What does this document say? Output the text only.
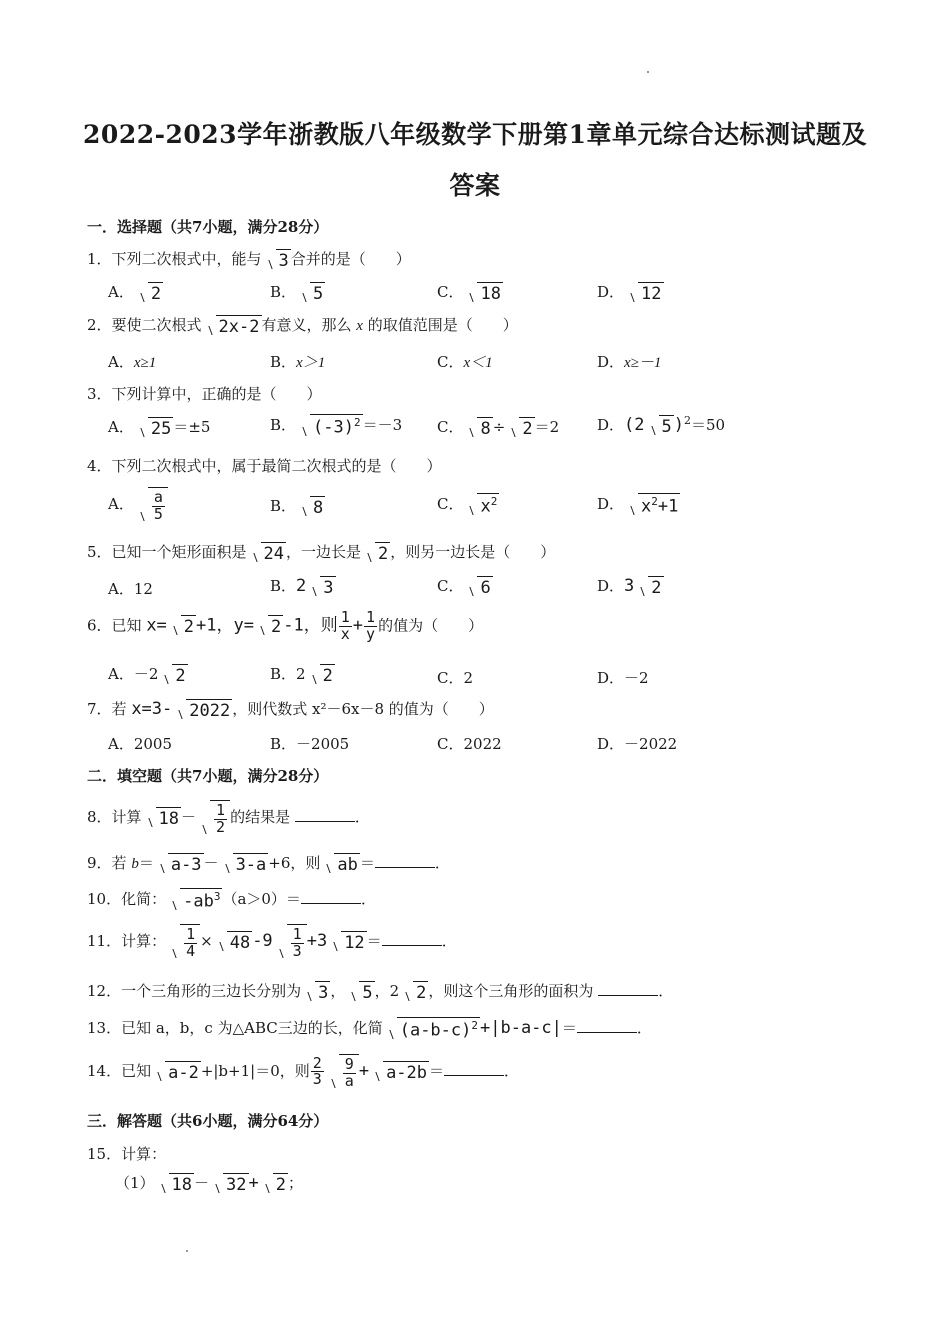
2022-2023学年浙教版八年级数学下册第1章单元综合达标测试题及
答案
一．选择题（共7小题，满分28分）
1．下列二次根式中，能与 3 合并的是（　　）
A． 2	B． 5	C． 18	D． 12
2．要使二次根式 2x-2 有意义，那么 x 的取值范围是（　　）
A．x≥1	B．x＞1	C．x＜1	D．x≥－1
3．下列计算中，正确的是（　　）
A． 25 ＝±5	B． $(-3)^2 =-3$ C． 8 ÷ 2 ＝2	D．(2 5 )$^2$＝50
4．下列二次根式中，属于最简二次根式的是（　　）
A． $\frac{a}{5}$	B． 8	C． $x^2$	D． $x^2+1$
5．已知一个矩形面积是 24 ，一边长是 2 ，则另一边长是（　　）
A．12	B．2 3	C． 6	D．3 2
6．已知 x= 2 +1，y= 2 -1，则 $\frac{1}{x} + \frac{1}{y}$ 的值为（　　）
A．－2 2	B．2 2	C．2	D．－2
7．若 x=3- 2022 ，则代数式 x²－6x－8 的值为（　　）
A．2005	B．－2005	C．2022	D．－2022
二．填空题（共7小题，满分28分）
8．计算 $18 - \frac{1}{2}$ 的结果是	．
9．若 b＝ a-3 － 3-a +6，则 ab ＝	．
10．化简： $-ab^3$ （a＞0）＝	．
11．计算： $\frac{1}{4} \times 48$ $-9 \frac{1}{3} +3$ 12 ＝	．
12．一个三角形的三边长分别为 3 ， 5 ，2 2 ，则这个三角形的面积为	．
13．已知 a，b，c 为△ABC三边的长，化简 $(a-b-c)^2 +|b-a-c|=$	．
14．已知 a-2 +|b+1|＝0，则 $\frac{2}{3} \frac{9}{a} + a-2b$ ＝	．
三．解答题（共6小题，满分64分）
15．计算：
（1） 18 － 32 + 2 ；
